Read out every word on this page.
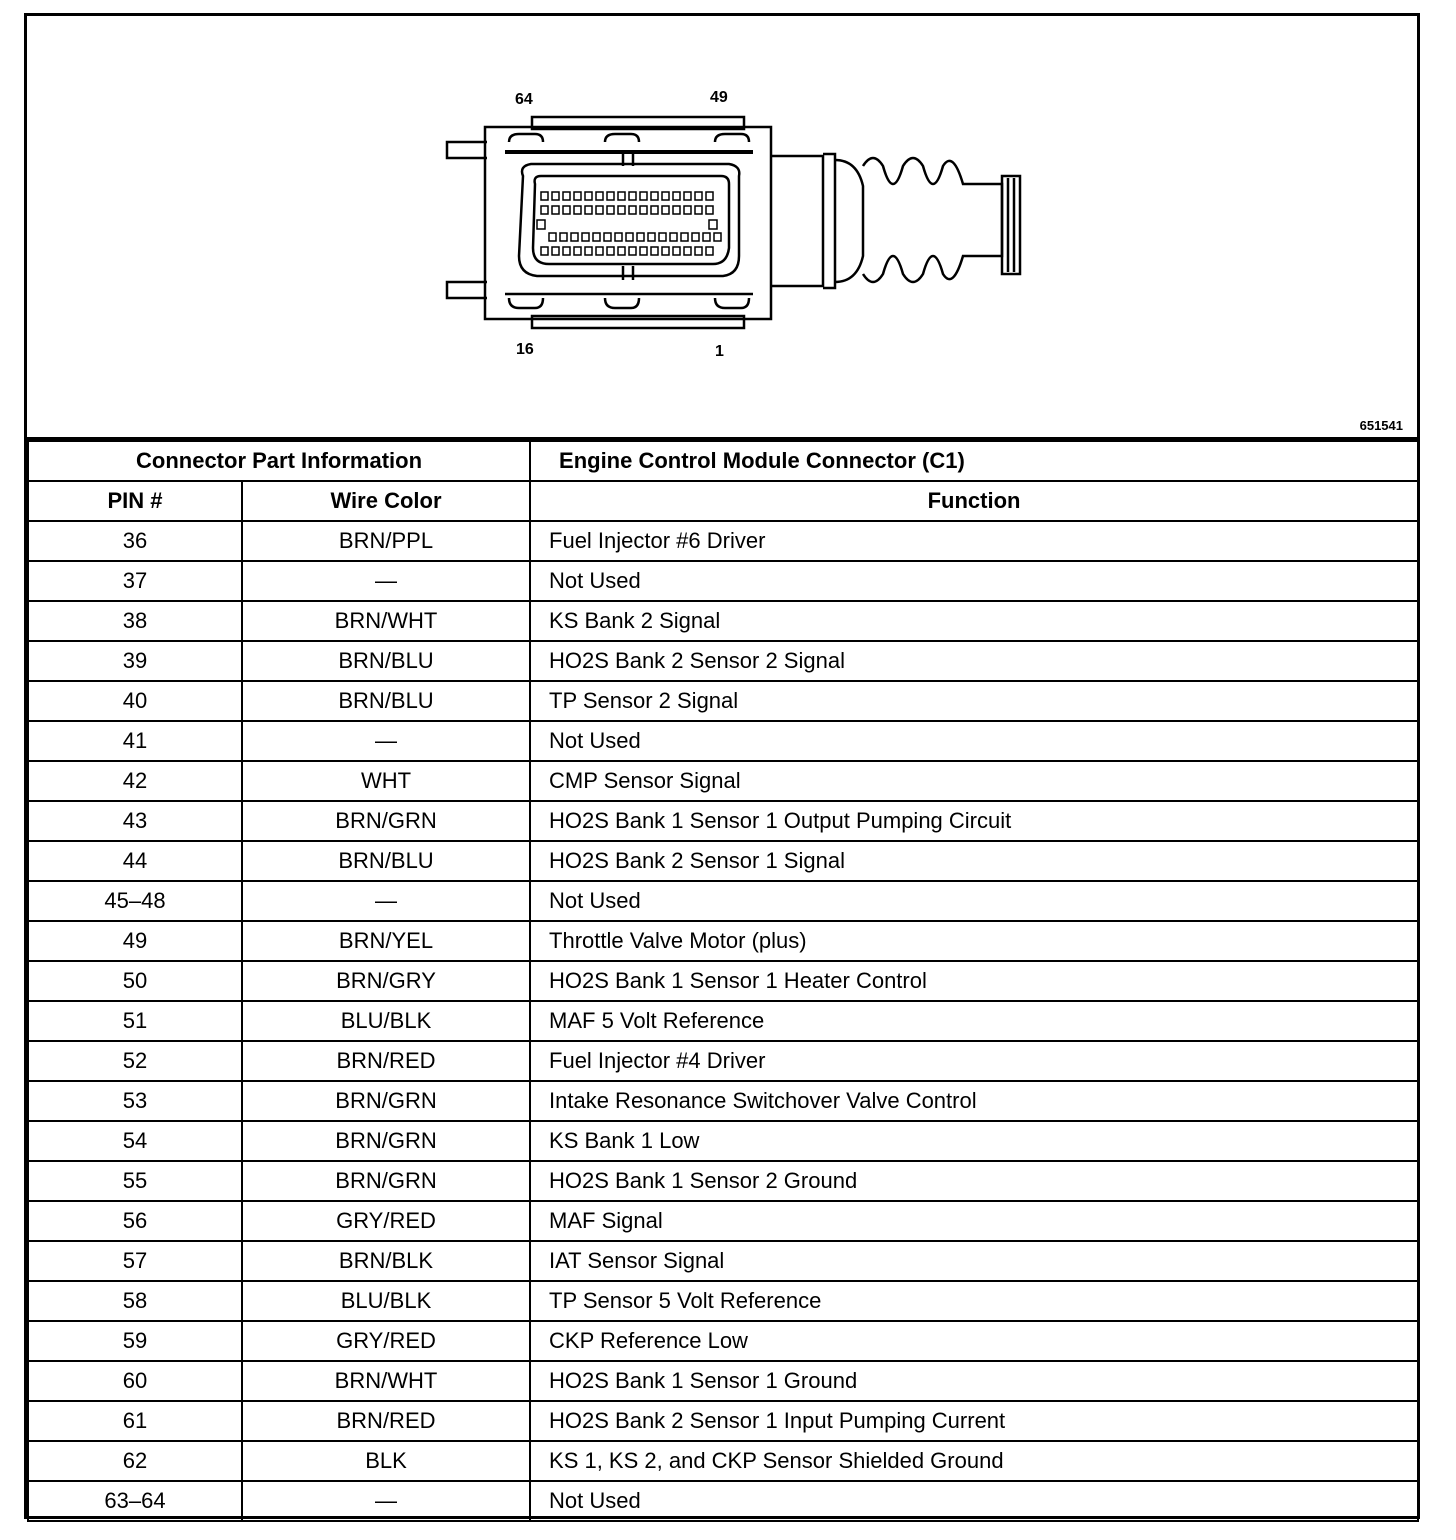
64	49
16	1
651541
Connector Part Information		Engine Control Module Connector (C1)
PIN #	Wire Color	Function
36	BRN/PPL	Fuel Injector #6 Driver
37	—	Not Used
38	BRN/WHT	KS Bank 2 Signal
39	BRN/BLU	HO2S Bank 2 Sensor 2 Signal
40	BRN/BLU	TP Sensor 2 Signal
41	—	Not Used
42	WHT	CMP Sensor Signal
43	BRN/GRN	HO2S Bank 1 Sensor 1 Output Pumping Circuit
44	BRN/BLU	HO2S Bank 2 Sensor 1 Signal
45–48	—	Not Used
49	BRN/YEL	Throttle Valve Motor (plus)
50	BRN/GRY	HO2S Bank 1 Sensor 1 Heater Control
51	BLU/BLK	MAF 5 Volt Reference
52	BRN/RED	Fuel Injector #4 Driver
53	BRN/GRN	Intake Resonance Switchover Valve Control
54	BRN/GRN	KS Bank 1 Low
55	BRN/GRN	HO2S Bank 1 Sensor 2 Ground
56	GRY/RED	MAF Signal
57	BRN/BLK	IAT Sensor Signal
58	BLU/BLK	TP Sensor 5 Volt Reference
59	GRY/RED	CKP Reference Low
60	BRN/WHT	HO2S Bank 1 Sensor 1 Ground
61	BRN/RED	HO2S Bank 2 Sensor 1 Input Pumping Current
62	BLK	KS 1, KS 2, and CKP Sensor Shielded Ground
63–64	—	Not Used
